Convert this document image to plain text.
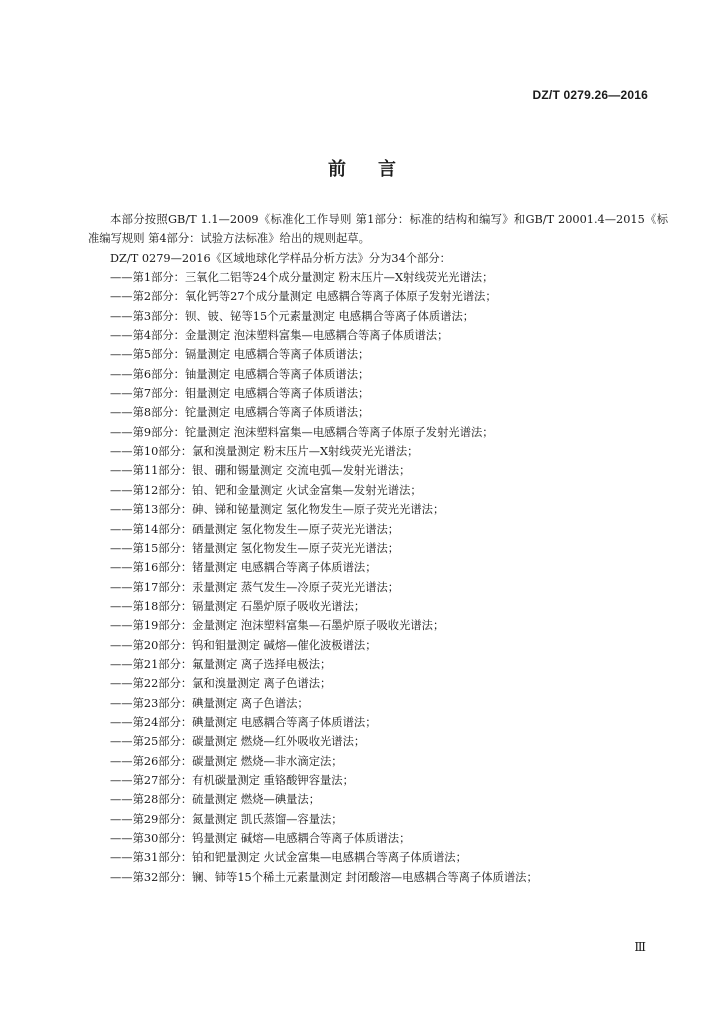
DZ/T 0279.26—2016
前言

本部分按照GB/T 1.1—2009《标准化工作导则 第1部分：标准的结构和编写》和GB/T 20001.4—2015《标准编写规则 第4部分：试验方法标准》给出的规则起草。

DZ/T 0279—2016《区域地球化学样品分析方法》分为34个部分：

——第1部分：三氧化二铝等24个成分量测定 粉末压片—X射线荧光光谱法；
——第2部分：氧化钙等27个成分量测定 电感耦合等离子体原子发射光谱法；
——第3部分：钡、铍、铋等15个元素量测定 电感耦合等离子体质谱法；
——第4部分：金量测定 泡沫塑料富集—电感耦合等离子体质谱法；
——第5部分：镉量测定 电感耦合等离子体质谱法；
——第6部分：铀量测定 电感耦合等离子体质谱法；
——第7部分：钼量测定 电感耦合等离子体质谱法；
——第8部分：铊量测定 电感耦合等离子体质谱法；
——第9部分：铊量测定 泡沫塑料富集—电感耦合等离子体原子发射光谱法；
——第10部分：氯和溴量测定 粉末压片—X射线荧光光谱法；
——第11部分：银、硼和锡量测定 交流电弧—发射光谱法；
——第12部分：铂、钯和金量测定 火试金富集—发射光谱法；
——第13部分：砷、锑和铋量测定 氢化物发生—原子荧光光谱法；
——第14部分：硒量测定 氢化物发生—原子荧光光谱法；
——第15部分：锗量测定 氢化物发生—原子荧光光谱法；
——第16部分：锗量测定 电感耦合等离子体质谱法；
——第17部分：汞量测定 蒸气发生—冷原子荧光光谱法；
——第18部分：镉量测定 石墨炉原子吸收光谱法；
——第19部分：金量测定 泡沫塑料富集—石墨炉原子吸收光谱法；
——第20部分：钨和钼量测定 碱熔—催化波极谱法；
——第21部分：氟量测定 离子选择电极法；
——第22部分：氯和溴量测定 离子色谱法；
——第23部分：碘量测定 离子色谱法；
——第24部分：碘量测定 电感耦合等离子体质谱法；
——第25部分：碳量测定 燃烧—红外吸收光谱法；
——第26部分：碳量测定 燃烧—非水滴定法；
——第27部分：有机碳量测定 重铬酸钾容量法；
——第28部分：硫量测定 燃烧—碘量法；
——第29部分：氮量测定 凯氏蒸馏—容量法；
——第30部分：钨量测定 碱熔—电感耦合等离子体质谱法；
——第31部分：铂和钯量测定 火试金富集—电感耦合等离子体质谱法；
——第32部分：镧、铈等15个稀土元素量测定 封闭酸溶—电感耦合等离子体质谱法；
Ⅲ
